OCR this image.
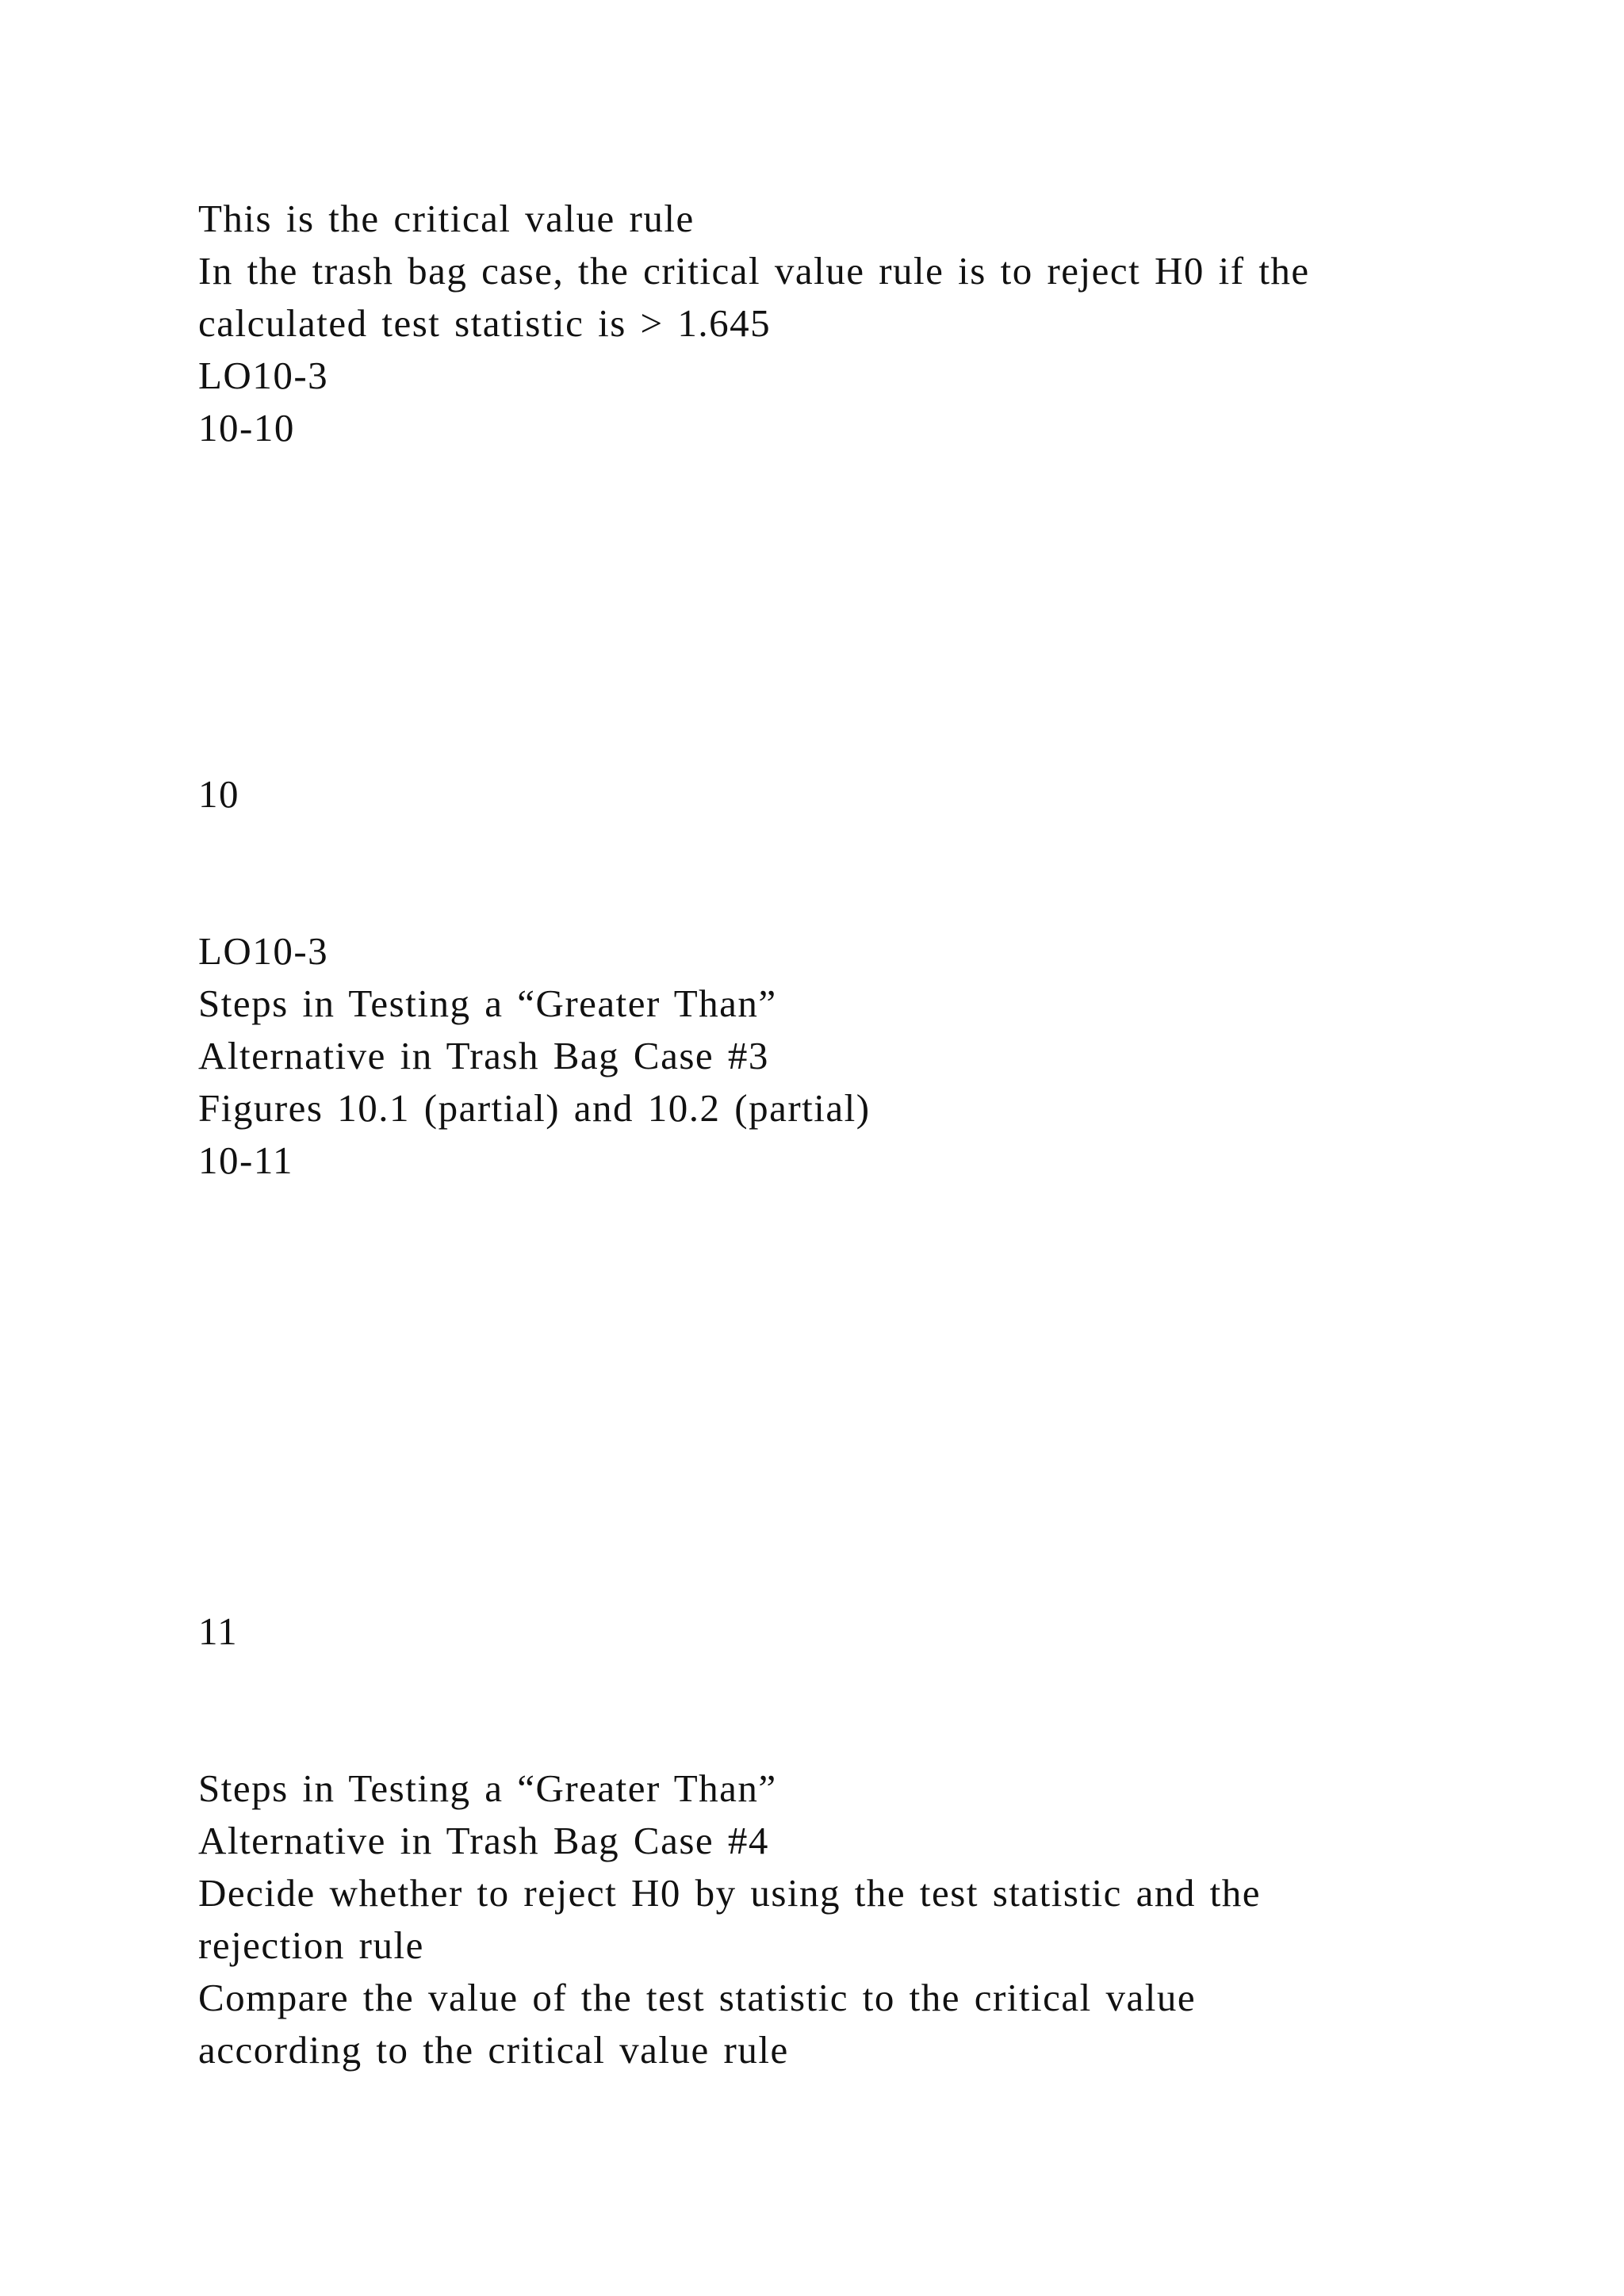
This is the critical value rule

In the trash bag case, the critical value rule is to reject H0 if the

calculated test statistic is > 1.645

LO10-3

10-10

10

LO10-3

Steps in Testing a “Greater Than”

Alternative in Trash Bag Case #3

Figures 10.1 (partial) and 10.2 (partial)

10-11

11

Steps in Testing a “Greater Than”

Alternative in Trash Bag Case #4

Decide whether to reject H0 by using the test statistic and the

rejection rule

Compare the value of the test statistic to the critical value

according to the critical value rule
